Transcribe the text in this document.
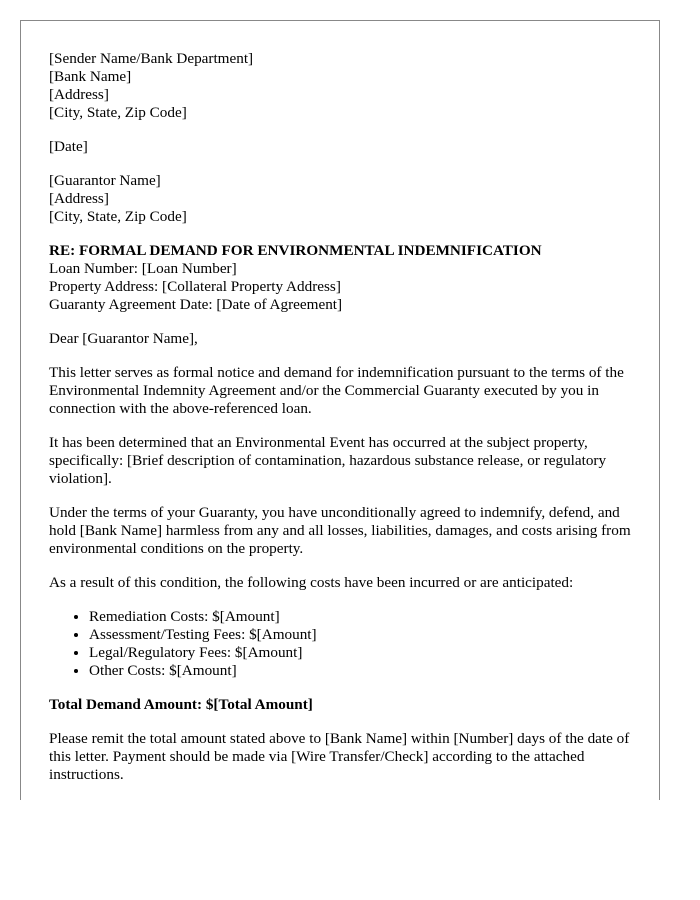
[Sender Name/Bank Department]
[Bank Name]
[Address]
[City, State, Zip Code]
[Date]
[Guarantor Name]
[Address]
[City, State, Zip Code]
RE: FORMAL DEMAND FOR ENVIRONMENTAL INDEMNIFICATION
Loan Number: [Loan Number]
Property Address: [Collateral Property Address]
Guaranty Agreement Date: [Date of Agreement]

Dear [Guarantor Name],

This letter serves as formal notice and demand for indemnification pursuant to the terms of the Environmental Indemnity Agreement and/or the Commercial Guaranty executed by you in connection with the above-referenced loan.

It has been determined that an Environmental Event has occurred at the subject property, specifically: [Brief description of contamination, hazardous substance release, or regulatory violation].

Under the terms of your Guaranty, you have unconditionally agreed to indemnify, defend, and hold [Bank Name] harmless from any and all losses, liabilities, damages, and costs arising from environmental conditions on the property.

As a result of this condition, the following costs have been incurred or are anticipated:

• Remediation Costs: $[Amount]
• Assessment/Testing Fees: $[Amount]
• Legal/Regulatory Fees: $[Amount]
• Other Costs: $[Amount]

Total Demand Amount: $[Total Amount]

Please remit the total amount stated above to [Bank Name] within [Number] days of the date of this letter. Payment should be made via [Wire Transfer/Check] according to the attached instructions.
